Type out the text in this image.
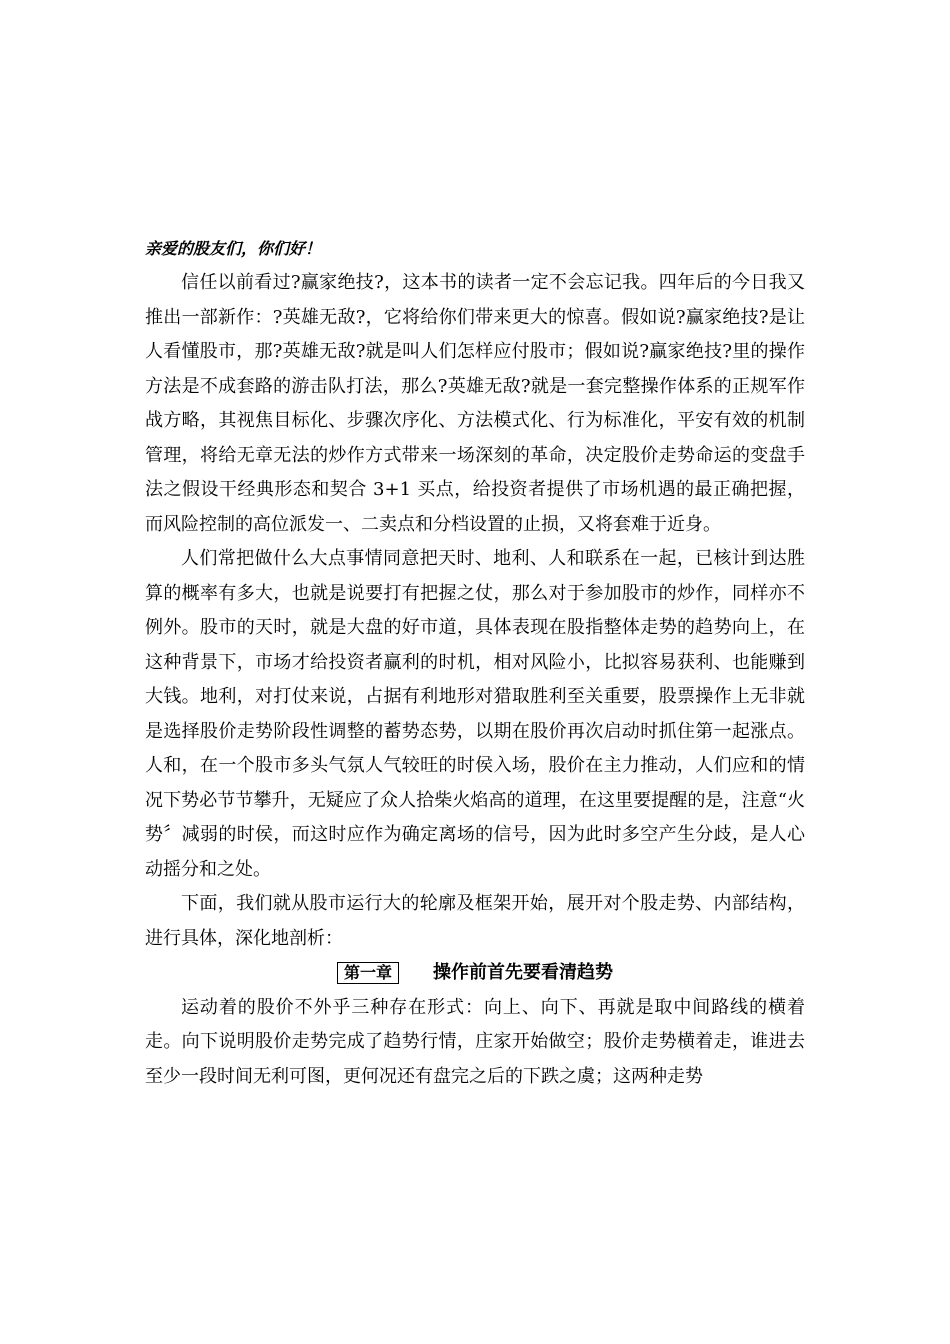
亲爱的股友们，你们好！

信任以前看过?赢家绝技?，这本书的读者一定不会忘记我。四年后的今日我又推出一部新作：?英雄无敌?，它将给你们带来更大的惊喜。假如说?赢家绝技?是让人看懂股市，那?英雄无敌?就是叫人们怎样应付股市；假如说?赢家绝技?里的操作方法是不成套路的游击队打法，那么?英雄无敌?就是一套完整操作体系的正规军作战方略，其视焦目标化、步骤次序化、方法模式化、行为标准化，平安有效的机制管理，将给无章无法的炒作方式带来一场深刻的革命，决定股价走势命运的变盘手法之假设干经典形态和契合 3+1 买点，给投资者提供了市场机遇的最正确把握，而风险控制的高位派发一、二卖点和分档设置的止损，又将套难于近身。

人们常把做什么大点事情同意把天时、地利、人和联系在一起，已核计到达胜算的概率有多大，也就是说要打有把握之仗，那么对于参加股市的炒作，同样亦不例外。股市的天时，就是大盘的好市道，具体表现在股指整体走势的趋势向上，在这种背景下，市场才给投资者赢利的时机，相对风险小，比拟容易获利、也能赚到大钱。地利，对打仗来说，占据有利地形对猎取胜利至关重要，股票操作上无非就是选择股价走势阶段性调整的蓄势态势，以期在股价再次启动时抓住第一起涨点。人和，在一个股市多头气氛人气较旺的时侯入场，股价在主力推动，人们应和的情况下势必节节攀升，无疑应了众人拾柴火焰高的道理，在这里要提醒的是，注意“火势〞减弱的时侯，而这时应作为确定离场的信号，因为此时多空产生分歧，是人心动摇分和之处。

下面，我们就从股市运行大的轮廓及框架开始，展开对个股走势、内部结构，进行具体，深化地剖析：

第一章 操作前首先要看清趋势

运动着的股价不外乎三种存在形式：向上、向下、再就是取中间路线的横着走。向下说明股价走势完成了趋势行情，庄家开始做空；股价走势横着走，谁进去至少一段时间无利可图，更何况还有盘完之后的下跌之虞；这两种走势
